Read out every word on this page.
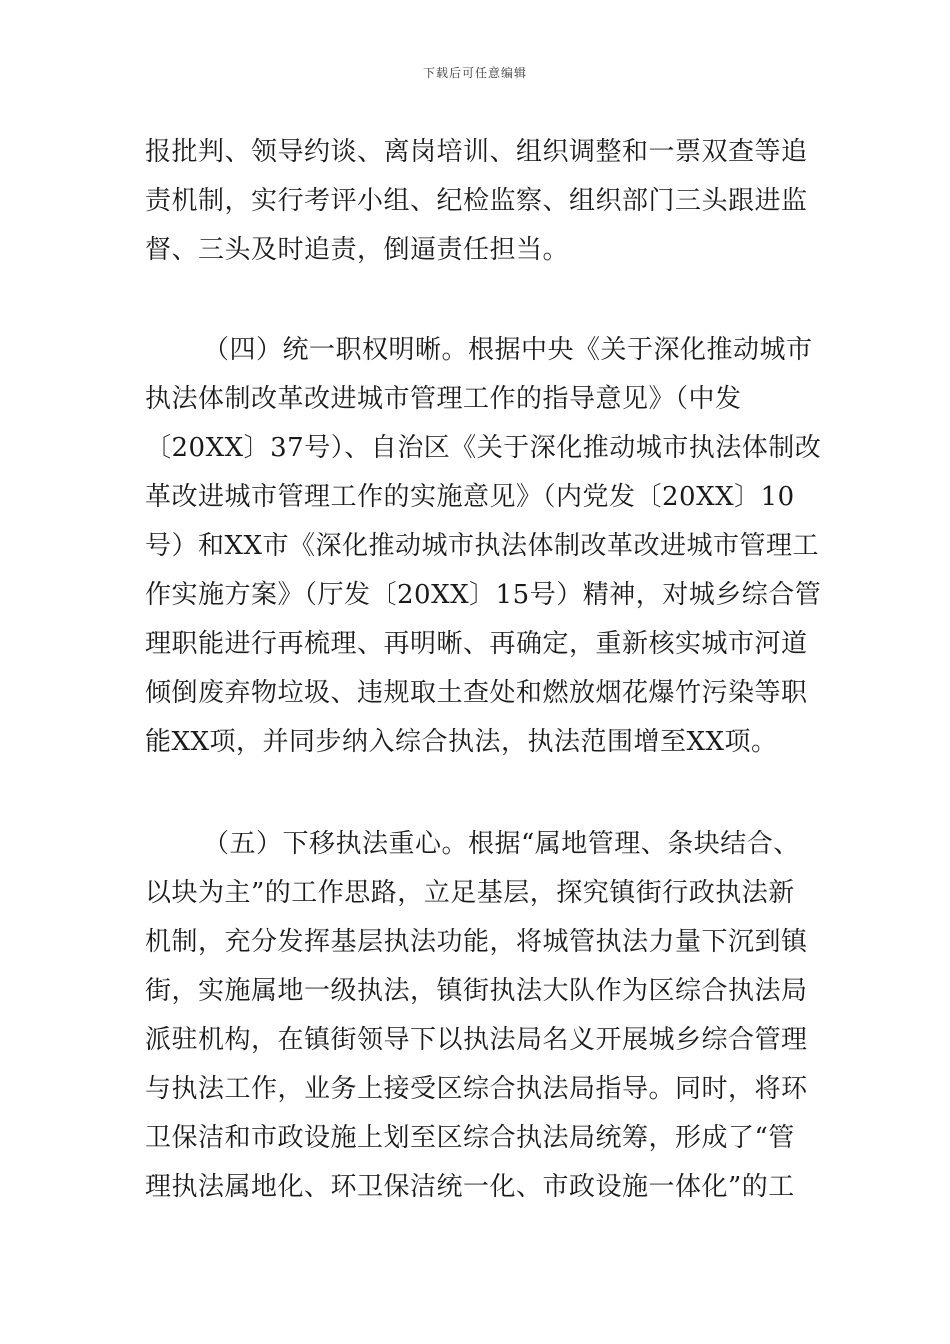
下载后可任意编辑
报批判、领导约谈、离岗培训、组织调整和一票双查等追
责机制，实行考评小组、纪检监察、组织部门三头跟进监
督、三头及时追责，倒逼责任担当。
（四）统一职权明晰。根据中央《关于深化推动城市
执法体制改革改进城市管理工作的指导意见》（中发
〔20XX〕37号）、自治区《关于深化推动城市执法体制改
革改进城市管理工作的实施意见》（内党发〔20XX〕10
号）和XX市《深化推动城市执法体制改革改进城市管理工
作实施方案》（厅发〔20XX〕15号）精神，对城乡综合管
理职能进行再梳理、再明晰、再确定，重新核实城市河道
倾倒废弃物垃圾、违规取土查处和燃放烟花爆竹污染等职
能XX项，并同步纳入综合执法，执法范围增至XX项。
（五）下移执法重心。根据“属地管理、条块结合、
以块为主”的工作思路，立足基层，探究镇街行政执法新
机制，充分发挥基层执法功能，将城管执法力量下沉到镇
街，实施属地一级执法，镇街执法大队作为区综合执法局
派驻机构，在镇街领导下以执法局名义开展城乡综合管理
与执法工作，业务上接受区综合执法局指导。同时，将环
卫保洁和市政设施上划至区综合执法局统筹，形成了“管
理执法属地化、环卫保洁统一化、市政设施一体化”的工
